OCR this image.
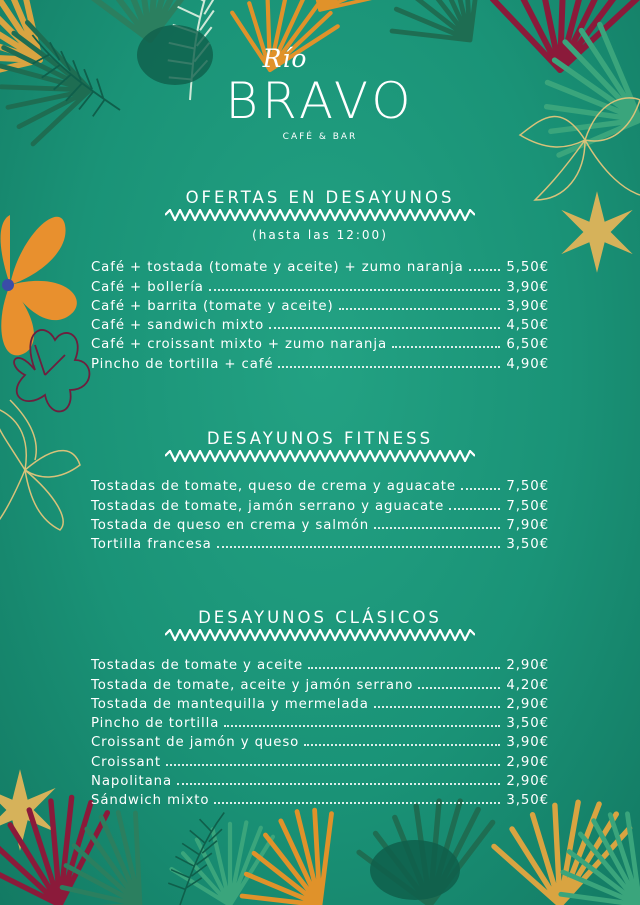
Río
BRAVO
CAFÉ & BAR
OFERTAS EN DESAYUNOS
(hasta las 12:00)
Café + tostada (tomate y aceite) + zumo naranja	5,50€
Café + bollería	3,90€
Café + barrita (tomate y aceite)	3,90€
Café + sandwich mixto	4,50€
Café + croissant mixto + zumo naranja	6,50€
Pincho de tortilla + café	4,90€
DESAYUNOS FITNESS
Tostadas de tomate, queso de crema y aguacate	7,50€
Tostadas de tomate, jamón serrano y aguacate	7,50€
Tostada de queso en crema y salmón	7,90€
Tortilla francesa	3,50€
DESAYUNOS CLÁSICOS
Tostadas de tomate y aceite	2,90€
Tostada de tomate, aceite y jamón serrano	4,20€
Tostada de mantequilla y mermelada	2,90€
Pincho de tortilla	3,50€
Croissant de jamón y queso	3,90€
Croissant	2,90€
Napolitana	2,90€
Sándwich mixto	3,50€
